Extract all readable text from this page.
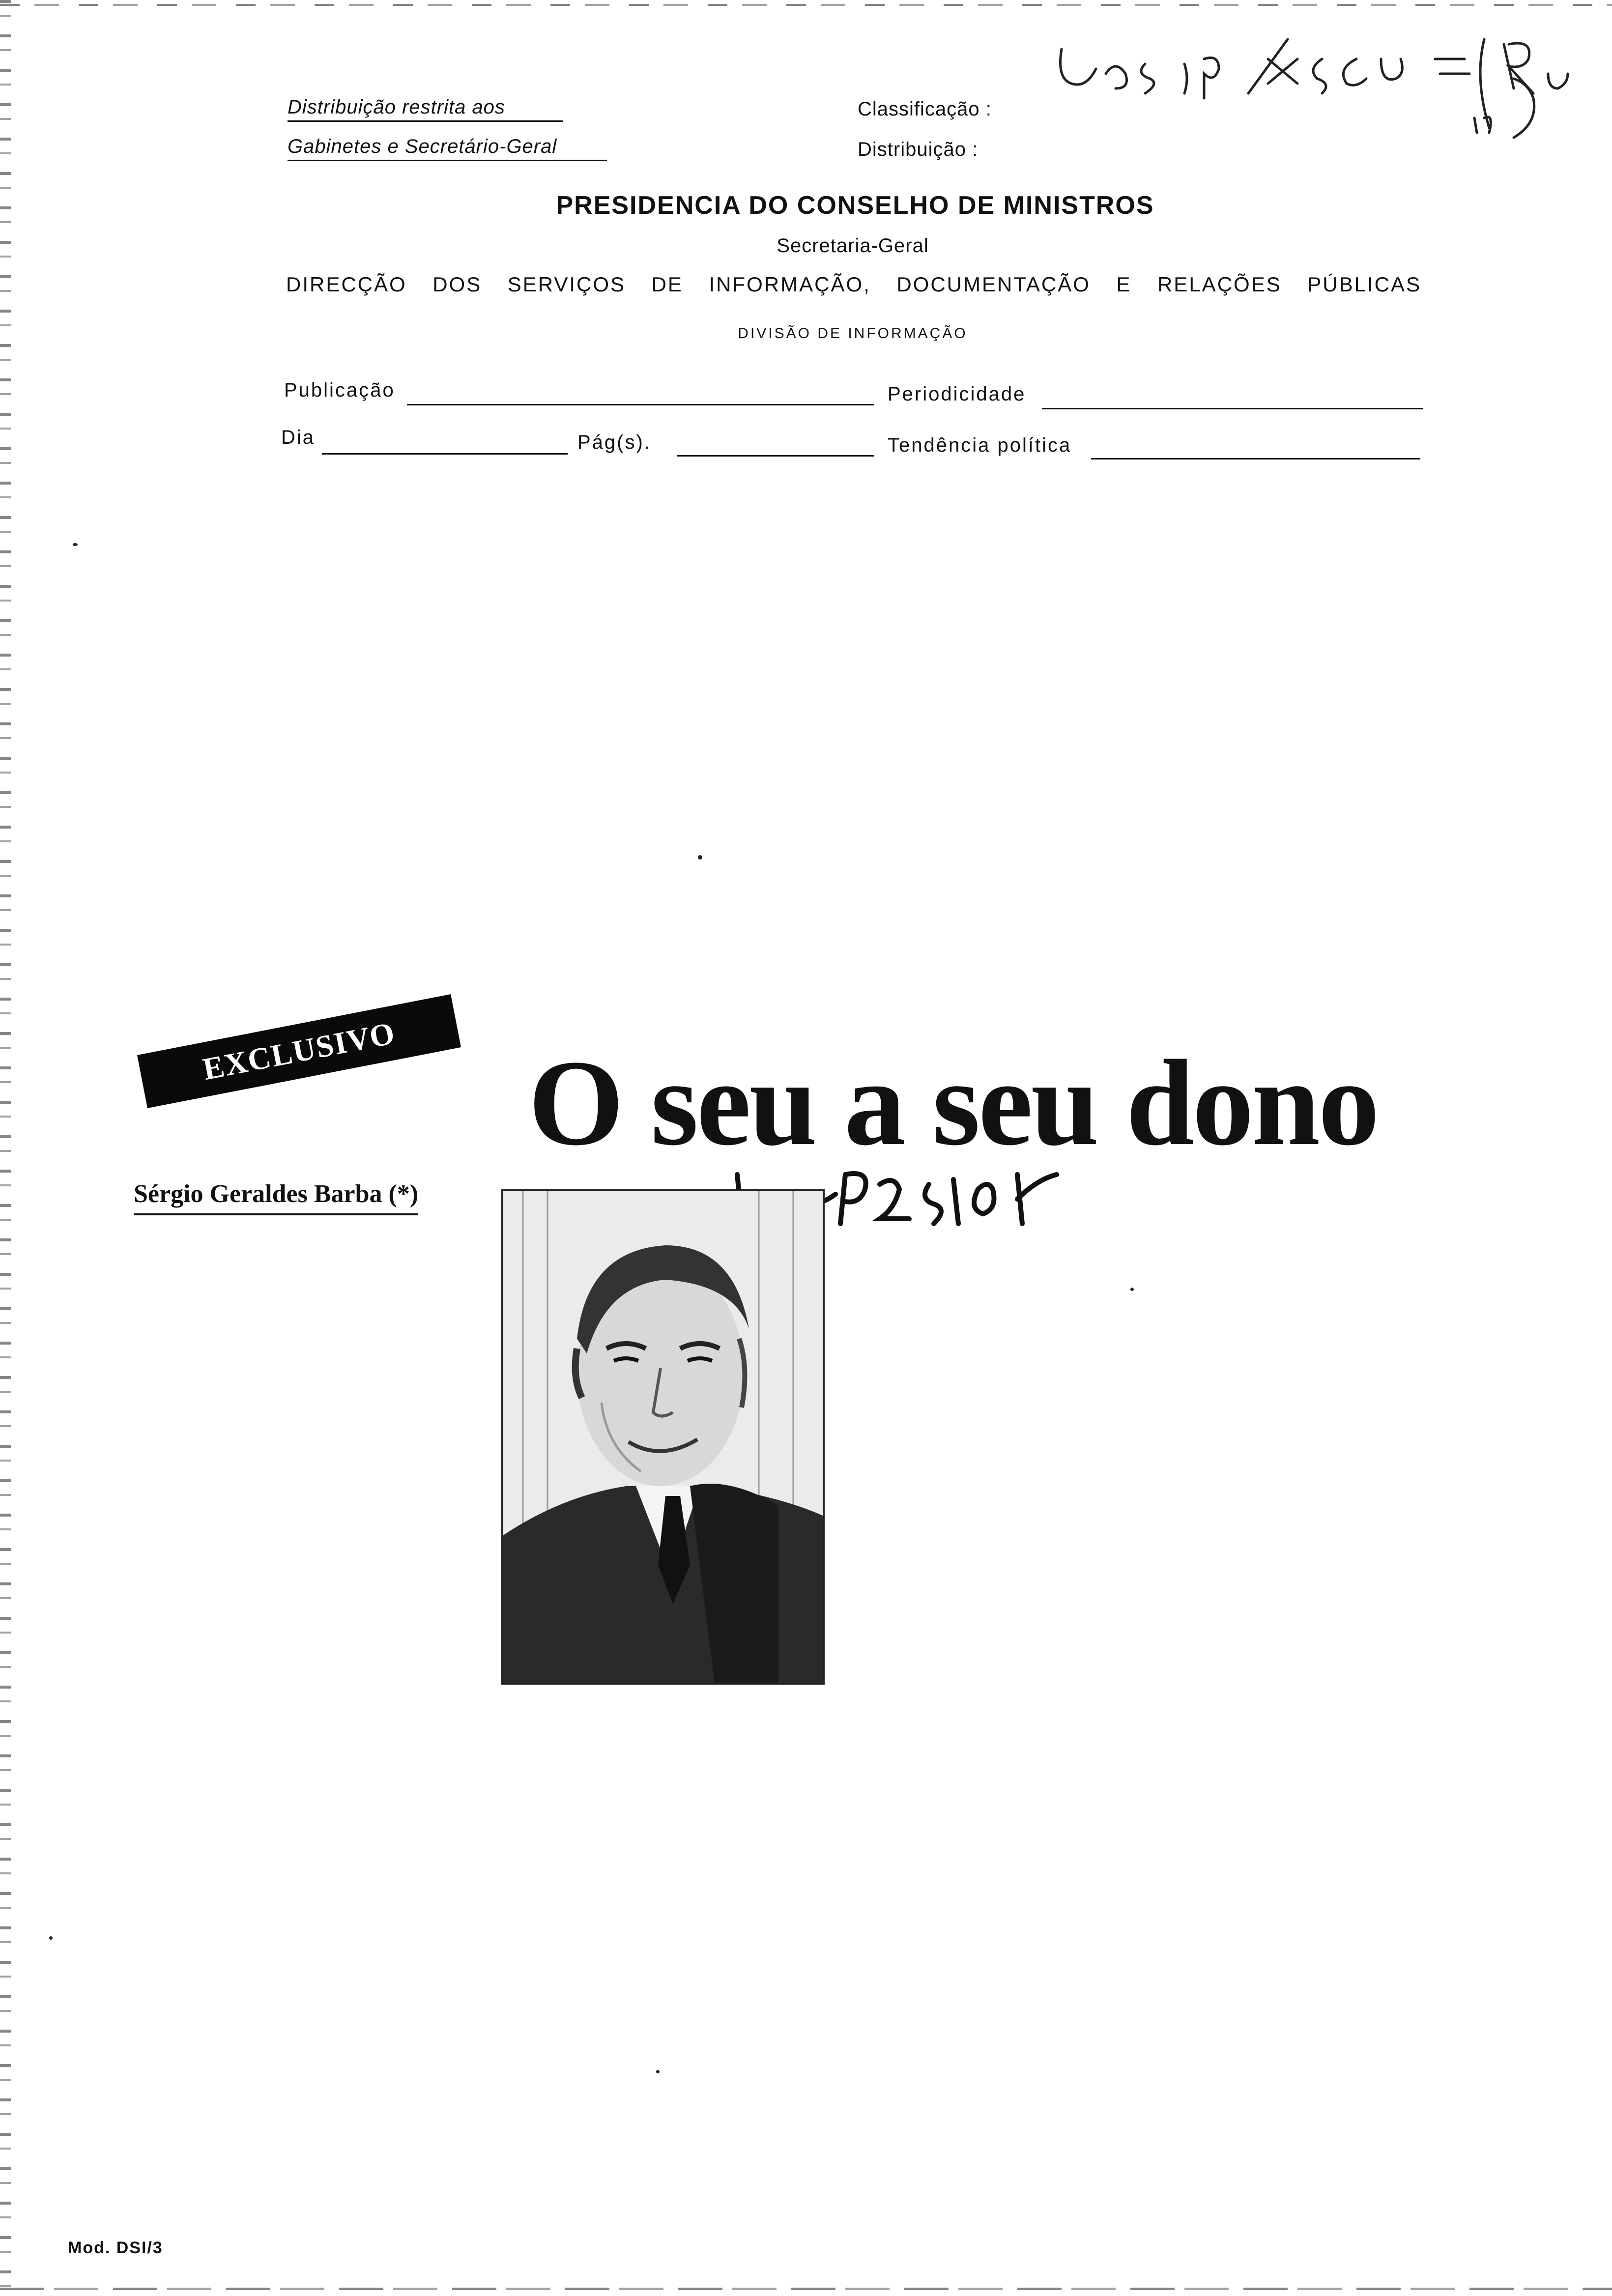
Distribuição restrita aos
Gabinetes e Secretário-Geral
Classificação :
Distribuição :
PRESIDENCIA DO CONSELHO DE MINISTROS
Secretaria-Geral
DIRECÇÃO DOS SERVIÇOS DE INFORMAÇÃO, DOCUMENTAÇÃO E RELAÇÕES PÚBLICAS
DIVISÃO DE INFORMAÇÃO
Publicação	Periodicidade
Dia	Pág(s).	Tendência política
EXCLUSIVO	O seu a seu dono
Sérgio Geraldes Barba (*)
Mod. DSI/3
